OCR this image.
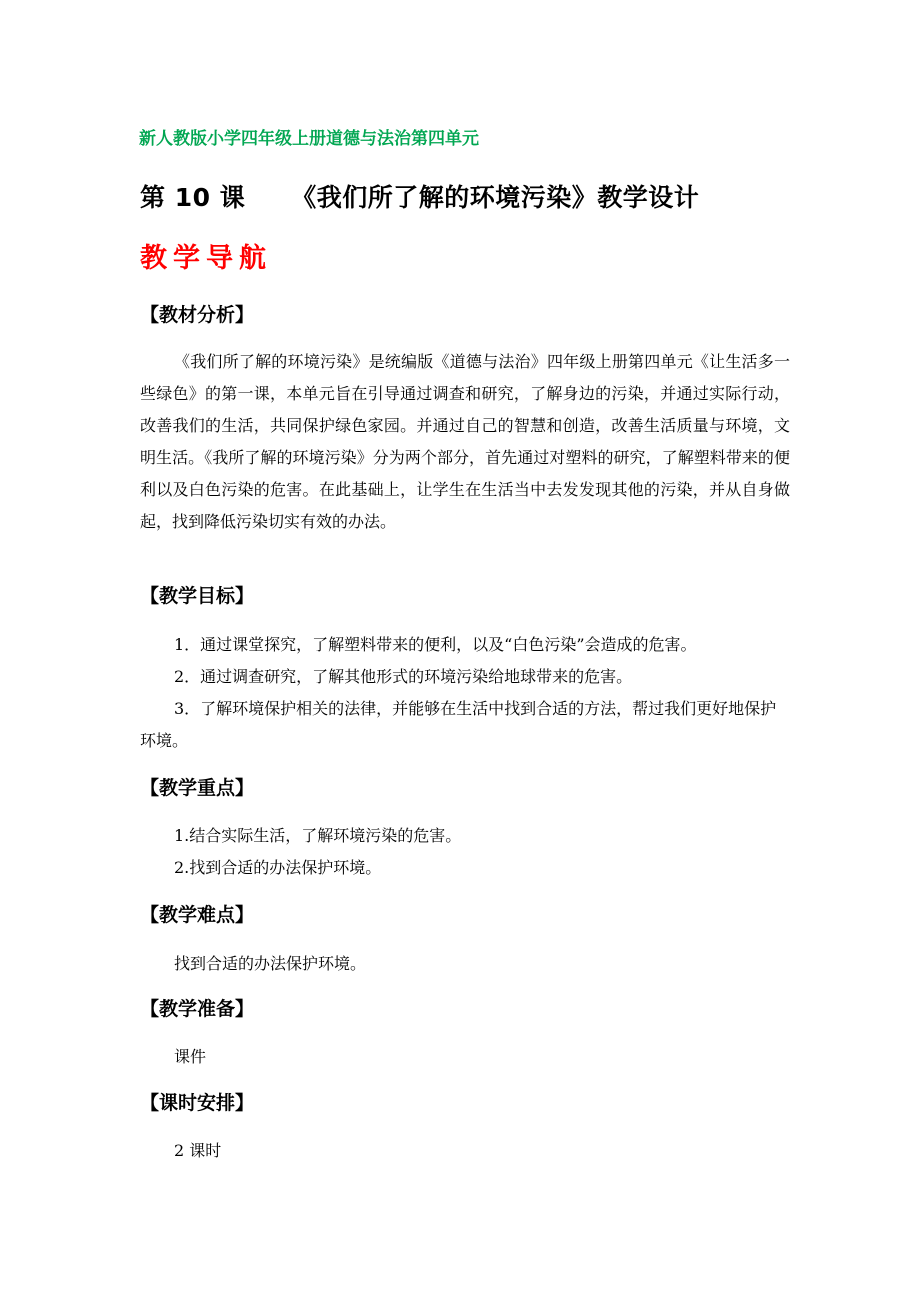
新人教版小学四年级上册道德与法治第四单元
第 10 课 《我们所了解的环境污染》教学设计
教学导航
【教材分析】

《我们所了解的环境污染》是统编版《道德与法治》四年级上册第四单元《让生活多一些绿色》的第一课，本单元旨在引导通过调查和研究，了解身边的污染，并通过实际行动，改善我们的生活，共同保护绿色家园。并通过自己的智慧和创造，改善生活质量与环境，文明生活。《我所了解的环境污染》分为两个部分，首先通过对塑料的研究，了解塑料带来的便利以及白色污染的危害。在此基础上，让学生在生活当中去发发现其他的污染，并从自身做起，找到降低污染切实有效的办法。

【教学目标】

1．通过课堂探究，了解塑料带来的便利，以及“白色污染”会造成的危害。

2．通过调查研究，了解其他形式的环境污染给地球带来的危害。

3．了解环境保护相关的法律，并能够在生活中找到合适的方法，帮过我们更好地保护环境。

【教学重点】

1.结合实际生活，了解环境污染的危害。

2.找到合适的办法保护环境。

【教学难点】

找到合适的办法保护环境。

【教学准备】

课件

【课时安排】

2 课时
